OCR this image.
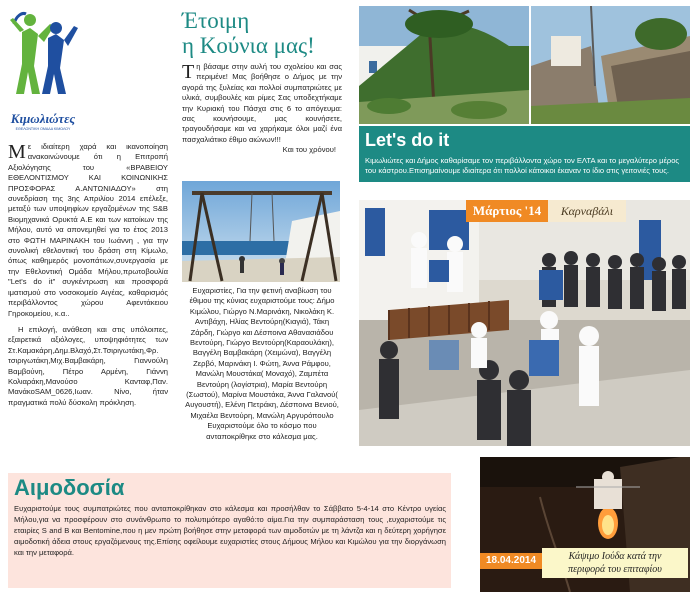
Κιμωλιώτες
ΕΘΕΛΟΝΤΙΚΗ ΟΜΑΔΑ ΚΙΜΩΛΟΥ
Με ιδιαίτερη χαρά και ικανοποίηση ανακοινώνουμε ότι η Επιτροπή Αξιολόγησης του «ΒΡΑΒΕΙΟΥ ΕΘΕΛΟΝΤΙΣΜΟΥ ΚΑΙ ΚΟΙΝΩΝΙΚΗΣ ΠΡΟΣΦΟΡΑΣ Α.ΑΝΤΩΝΙΑΔΟΥ» στη συνεδρίαση της 3ης Απριλίου 2014 επέλεξε, μεταξύ των υποψηφίων εργαζομένων της S&B Βιομηχανικά Ορυκτά Α.Ε και των κατοίκων της Μήλου, αυτό να απονεμηθεί για το έτος 2013 στο ΦΩΤΗ ΜΑΡΙΝΑΚΗ του Ιωάννη , για την συνολική εθελοντική του δράση στη Κίμωλο, όπως καθημερός μονοπάτιων,συνεργασία με την Εθελοντική Ομάδα Μήλου,πρωτοβουλία "Let's do it" συγκέντρωση και προσφορά ιματισμού στο νοσοκομείο Αιγέας, καθαρισμός περιβάλλοντος χώρου Αφεντάκειου Γηροκομείου, κ.α..

Η επιλογή, ανάθεση και στις υπόλοιπες, εξαιρετικά αξιόλογες, υποψηφιότητες των Στ.Καμακάρη,Δημ.Βλαχό,Στ.Τσιριγωτάκη,Φρ. τσιριγωτάκη,Μιχ.Βαμβακάρη, Γιαννούλη Βαμβούνη, Πέτρο Αρμένη, Γιάννη Κολιαράκη,Μανούσο Κανταφ,Παν. ΜανάκοSAM_0626,Ιωαν. Νίνο, ήταν πραγματικά πολύ δύσκολη πρόκληση.

Έτοιμη
η Κούνια μας!
Τη βάσαμε στην αυλή του σχολείου και σας περιμένε! Μας βοήθησε ο Δήμος με την αγορά της ξυλείας και πολλοί συμπατριώτες με υλικά, συμβουλές και ρίμες Σας υποδεχτήκαμε την Κυριακή του Πάσχα στις 6 το απόγευμα: σας κουνήσουμε, μας κουνήσετε, τραγουδήσαμε και να χαρήκαμε όλοι μαζί ένα πασχαλιάτικο έθιμο αιώνων!!!
Και του χρόνου!
Ευχαριστίες, Για την φετινή αναβίωση του έθιμου της κύνιας ευχαριστούμε τους: Δήμο Κιμώλου, Γιώργο Ν.Μαρινάκη, Νικολάκη Κ. Αντιβάχη, Ηλίας Βεντούρη(Κιαγιά), Τάκη Ζάρδη, Γιώργο και Δέσποινα Αθανασιάδου Βεντούρη, Γιώργο Βεντούρη(Καραουλάκη), Βαγγέλη Βαμβακάρη (Χειμώνα), Βαγγέλη Ζερβό, Μαρινάκη Ι. Φώτη, Άννα Ράμφου, Μανώλη Μουστάκα( Μοναχό), Ζαμπέτα Βεντούρη (λογίστρια), Μαρία Βεντούρη (Σωστού), Μαρίνα Μουστάκα, Άννα Γαλανού( Αυγουστή), Ελένη Πετράκη, Δέσποινα Βενιού, Μιχαέλα Βεντούρη, Μανώλη Αργυρόπουλο Ευχαριστούμε όλο το κόσμο που ανταποκρίθηκε στο κάλεσμα μας.
Let's do it
Κιμωλιώτες και Δήμος καθαρίσαμε τον περιβάλλοντα χώρο τον ΕΛΤΑ και το μεγαλύτερο μέρος του κάστρου.Επισημαίνουμε ιδιαίτερα ότι πολλοί κάτοικοι έκαναν το ίδιο στις γειτονιές τους.
Μάρτιος '14	Καρναβάλι
Αιμοδοσία
Ευχαριστούμε τους συμπατριώτες που ανταποκρίθηκαν στο κάλεσμα και προσήλθαν το Σάββατο 5-4-14 στο Κέντρο υγείας Μήλου,για να προσφέρουν στο συνάνθρωπο το πολυτιμότερο αγαθό:το αίμα.Για την συμπαράσταση τους ,ευχαριστούμε τις εταιρίες S and B και Bentomine,που η μεν πρώτη βοήθησε στην μεταφορά των αιμοδοτών με τη λάντζα και η δεύτερη χορήγησε αιμοδοτική άδεια στους εργαζόμενους της.Επίσης οφείλουμε ευχαριστίες στους Δήμους Μήλου και Κιμώλου για την διοργάνωση και την μεταφορά.
18.04.2014	Κάψιμο Ιούδα κατά την
περιφορά του επιταφίου
